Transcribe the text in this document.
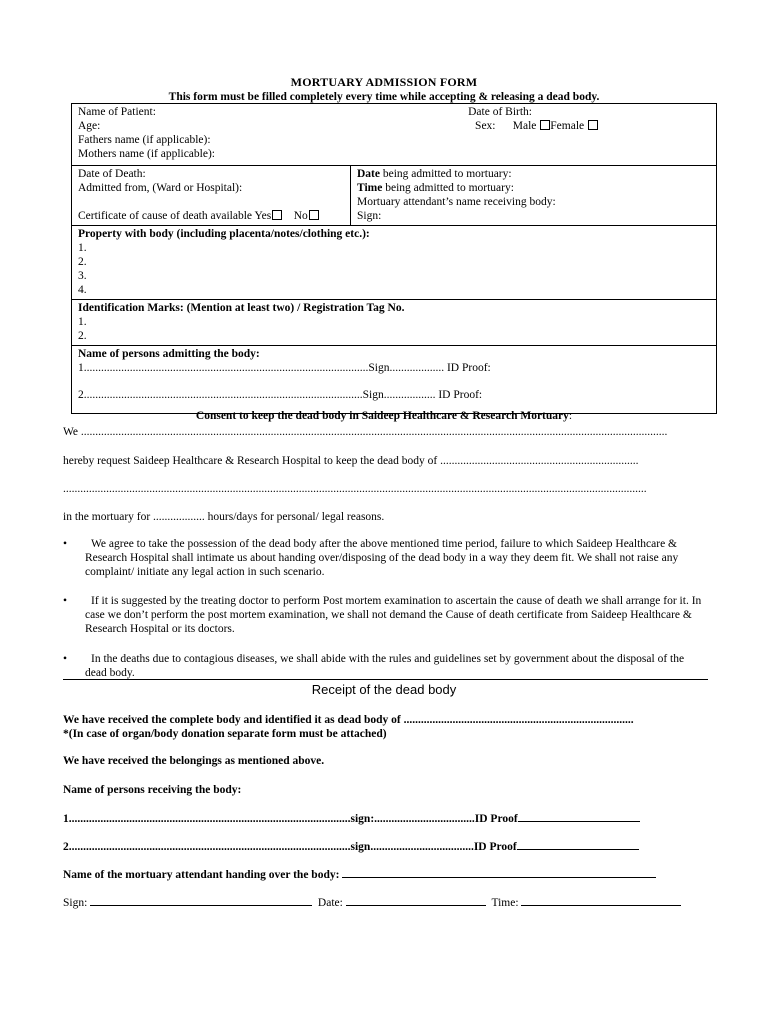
MORTUARY ADMISSION FORM
This form must be filled completely every time while accepting & releasing a dead body.
Name of Patient:	Date of Birth:
Age:	Sex: Male Female
Fathers name (if applicable):
Mothers name (if applicable):

Date of Death:
Admitted from, (Ward or Hospital):
Certificate of cause of death available Yes No

Date being admitted to mortuary:
Time being admitted to mortuary:
Mortuary attendant’s name receiving body:
Sign:

Property with body (including placenta/notes/clothing etc.):
1.
2.
3.
4.

Identification Marks: (Mention at least two) / Registration Tag No.
1.
2.

Name of persons admitting the body:
1...................................................................................................Sign................... ID Proof:
2.................................................................................................Sign.................. ID Proof:
Consent to keep the dead body in Saideep Healthcare & Research Mortuary:
We ............................................................................................................................................................................................................
hereby request Saideep Healthcare & Research Hospital to keep the dead body of .....................................................................
...........................................................................................................................................................................................................
in the mortuary for .................. hours/days for personal/ legal reasons.
•	We agree to take the possession of the dead body after the above mentioned time period, failure to which Saideep Healthcare & Research Hospital shall intimate us about handing over/disposing of the dead body in a way they deem fit. We shall not raise any complaint/ initiate any legal action in such scenario.
•	If it is suggested by the treating doctor to perform Post mortem examination to ascertain the cause of death we shall arrange for it. In case we don’t perform the post mortem examination, we shall not demand the Cause of death certificate from Saideep Healthcare & Research Hospital or its doctors.
•	In the deaths due to contagious diseases, we shall abide with the rules and guidelines set by government about the disposal of the dead body.
Receipt of the dead body
We have received the complete body and identified it as dead body of ................................................................................
*(In case of organ/body donation separate form must be attached)
We have received the belongings as mentioned above.
Name of persons receiving the body:
1..................................................................................................sign:...................................ID Proof
2..................................................................................................sign....................................ID Proof
Name of the mortuary attendant handing over the body:
Sign:	Date:	Time:
